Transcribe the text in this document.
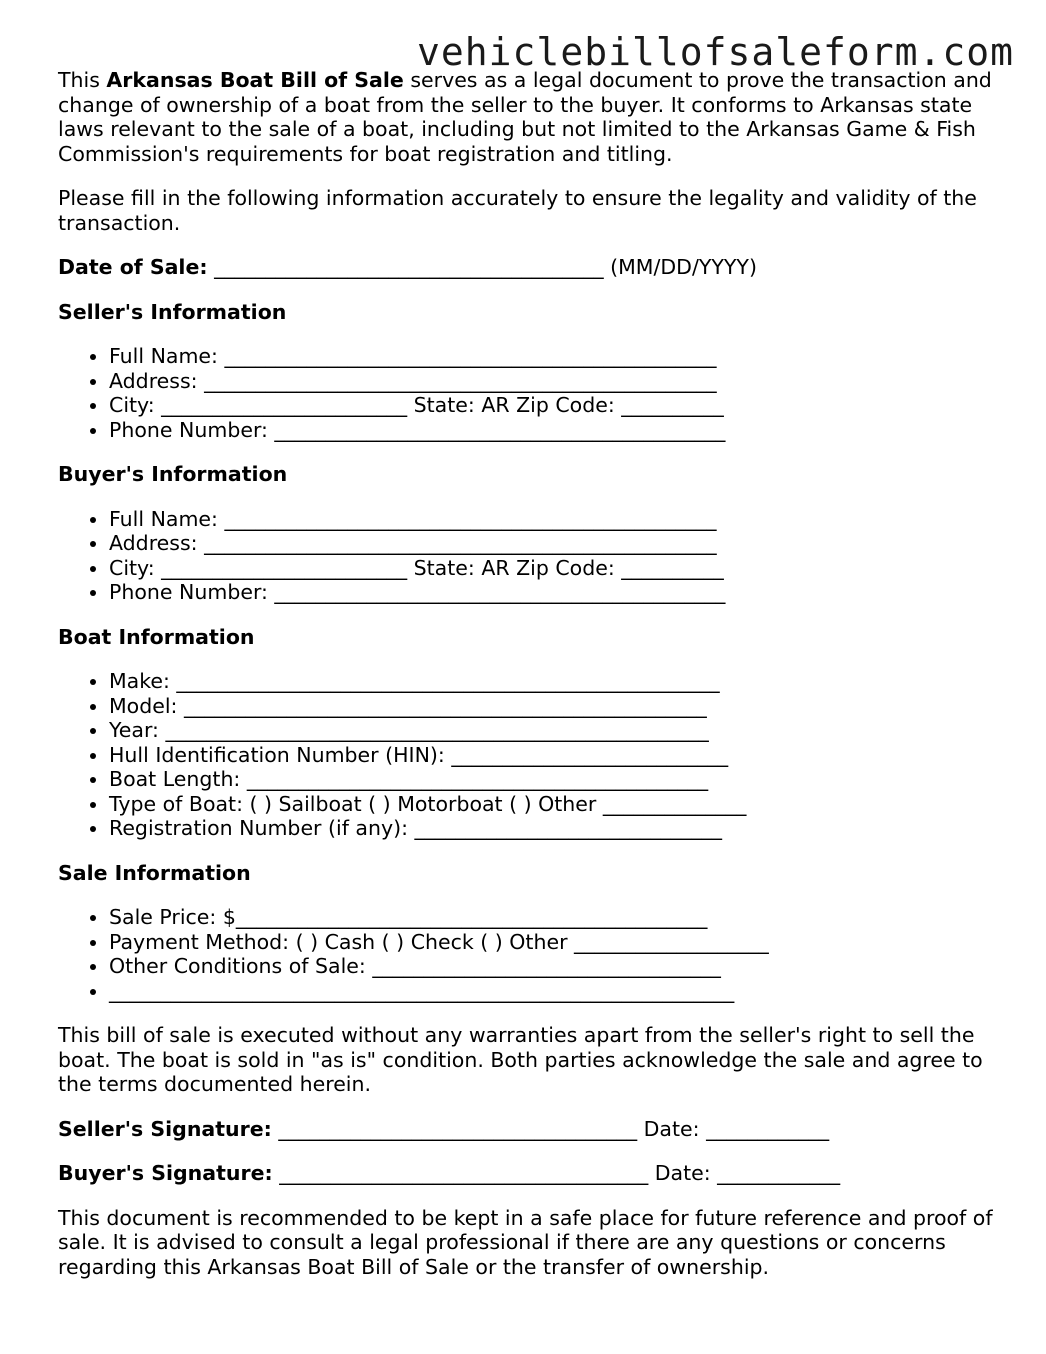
vehiclebillofsaleform.com

This Arkansas Boat Bill of Sale serves as a legal document to prove the transaction and change of ownership of a boat from the seller to the buyer. It conforms to Arkansas state laws relevant to the sale of a boat, including but not limited to the Arkansas Game & Fish Commission's requirements for boat registration and titling.

Please fill in the following information accurately to ensure the legality and validity of the transaction.

Date of Sale: ______________________________________ (MM/DD/YYYY)
Seller's Information
• Full Name: ________________________________________________
• Address: __________________________________________________
• City: ________________________ State: AR Zip Code: __________
• Phone Number: ____________________________________________
Buyer's Information
• Full Name: ________________________________________________
• Address: __________________________________________________
• City: ________________________ State: AR Zip Code: __________
• Phone Number: ____________________________________________
Boat Information
• Make: _____________________________________________________
• Model: ___________________________________________________
• Year: _____________________________________________________
• Hull Identification Number (HIN): ___________________________
• Boat Length: _____________________________________________
• Type of Boat: ( ) Sailboat ( ) Motorboat ( ) Other ______________
• Registration Number (if any): ______________________________
Sale Information
• Sale Price: $______________________________________________
• Payment Method: ( ) Cash ( ) Check ( ) Other ___________________
• Other Conditions of Sale: __________________________________
• _____________________________________________________________

This bill of sale is executed without any warranties apart from the seller's right to sell the boat. The boat is sold in "as is" condition. Both parties acknowledge the sale and agree to the terms documented herein.

Seller's Signature: ___________________________________ Date: ____________
Buyer's Signature: ____________________________________ Date: ____________

This document is recommended to be kept in a safe place for future reference and proof of sale. It is advised to consult a legal professional if there are any questions or concerns regarding this Arkansas Boat Bill of Sale or the transfer of ownership.
